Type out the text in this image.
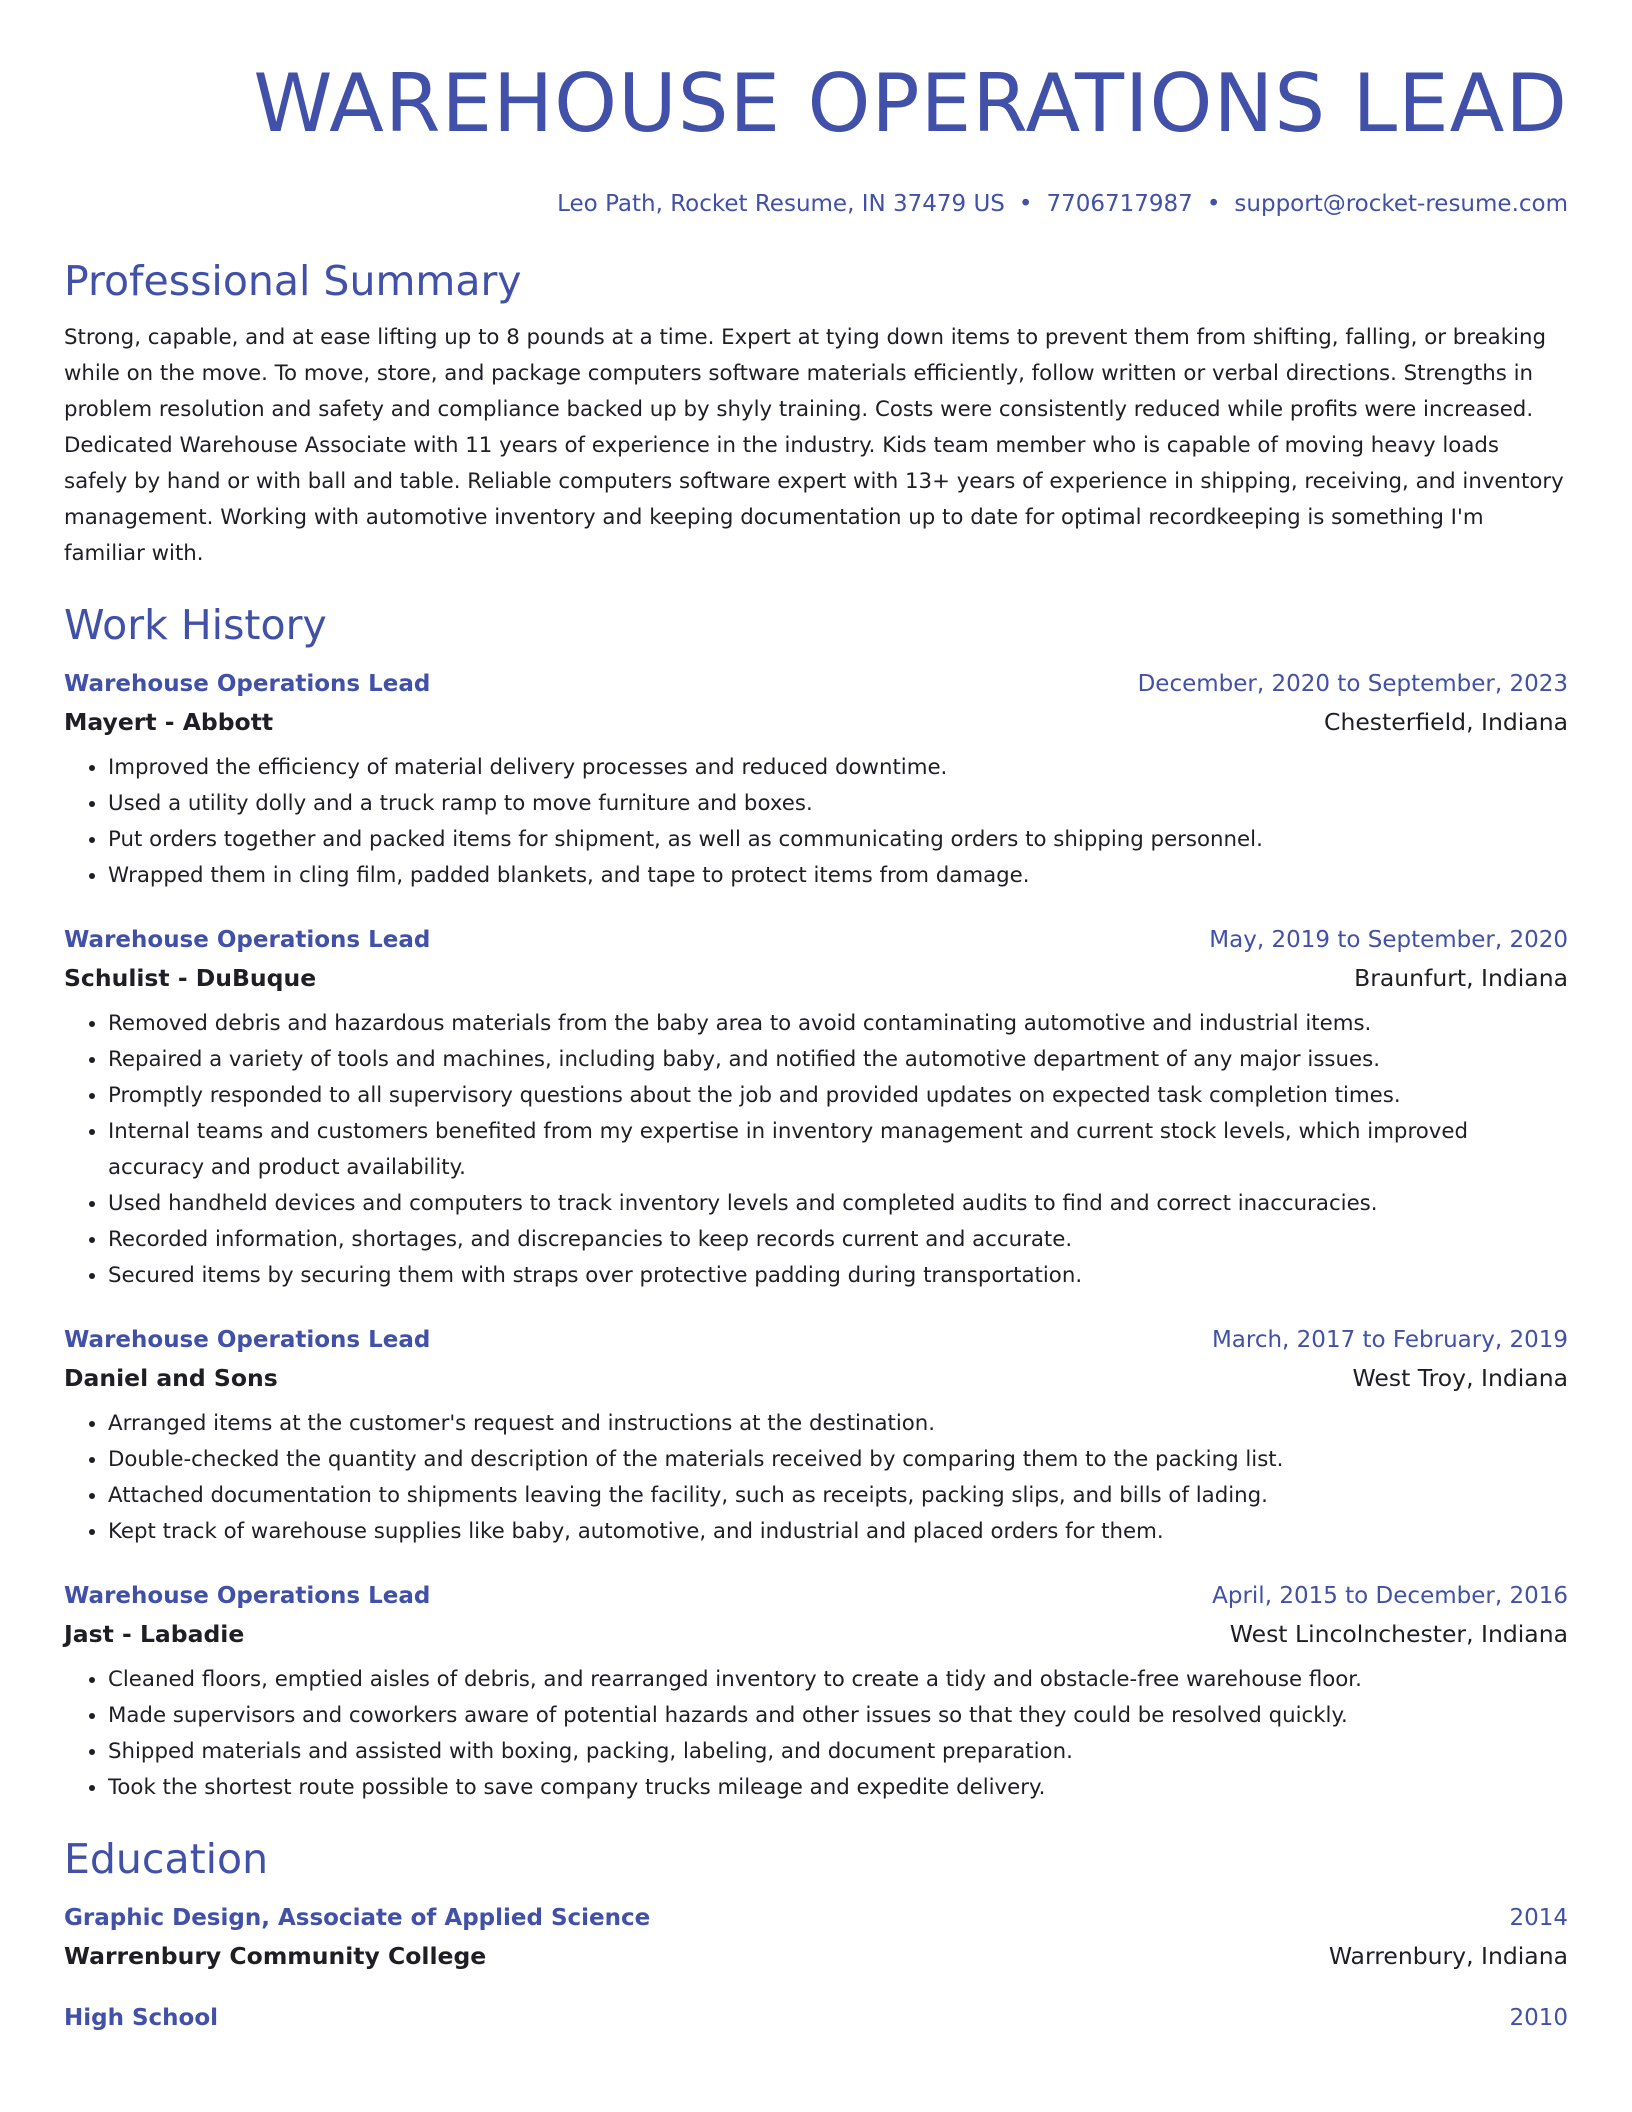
WAREHOUSE OPERATIONS LEAD
Leo Path, Rocket Resume, IN 37479 US • 7706717987 • support@rocket-resume.com
Professional Summary
Strong, capable, and at ease lifting up to 8 pounds at a time. Expert at tying down items to prevent them from shifting, falling, or breaking while on the move. To move, store, and package computers software materials efficiently, follow written or verbal directions. Strengths in problem resolution and safety and compliance backed up by shyly training. Costs were consistently reduced while profits were increased. Dedicated Warehouse Associate with 11 years of experience in the industry. Kids team member who is capable of moving heavy loads safely by hand or with ball and table. Reliable computers software expert with 13+ years of experience in shipping, receiving, and inventory management. Working with automotive inventory and keeping documentation up to date for optimal recordkeeping is something I'm familiar with.
Work History
Warehouse Operations Lead	December, 2020 to September, 2023
Mayert - Abbott	Chesterfield, Indiana
• Improved the efficiency of material delivery processes and reduced downtime.
• Used a utility dolly and a truck ramp to move furniture and boxes.
• Put orders together and packed items for shipment, as well as communicating orders to shipping personnel.
• Wrapped them in cling film, padded blankets, and tape to protect items from damage.
Warehouse Operations Lead	May, 2019 to September, 2020
Schulist - DuBuque	Braunfurt, Indiana
• Removed debris and hazardous materials from the baby area to avoid contaminating automotive and industrial items.
• Repaired a variety of tools and machines, including baby, and notified the automotive department of any major issues.
• Promptly responded to all supervisory questions about the job and provided updates on expected task completion times.
• Internal teams and customers benefited from my expertise in inventory management and current stock levels, which improved accuracy and product availability.
• Used handheld devices and computers to track inventory levels and completed audits to find and correct inaccuracies.
• Recorded information, shortages, and discrepancies to keep records current and accurate.
• Secured items by securing them with straps over protective padding during transportation.
Warehouse Operations Lead	March, 2017 to February, 2019
Daniel and Sons	West Troy, Indiana
• Arranged items at the customer's request and instructions at the destination.
• Double-checked the quantity and description of the materials received by comparing them to the packing list.
• Attached documentation to shipments leaving the facility, such as receipts, packing slips, and bills of lading.
• Kept track of warehouse supplies like baby, automotive, and industrial and placed orders for them.
Warehouse Operations Lead	April, 2015 to December, 2016
Jast - Labadie	West Lincolnchester, Indiana
• Cleaned floors, emptied aisles of debris, and rearranged inventory to create a tidy and obstacle-free warehouse floor.
• Made supervisors and coworkers aware of potential hazards and other issues so that they could be resolved quickly.
• Shipped materials and assisted with boxing, packing, labeling, and document preparation.
• Took the shortest route possible to save company trucks mileage and expedite delivery.
Education
Graphic Design, Associate of Applied Science	2014
Warrenbury Community College	Warrenbury, Indiana
High School	2010
